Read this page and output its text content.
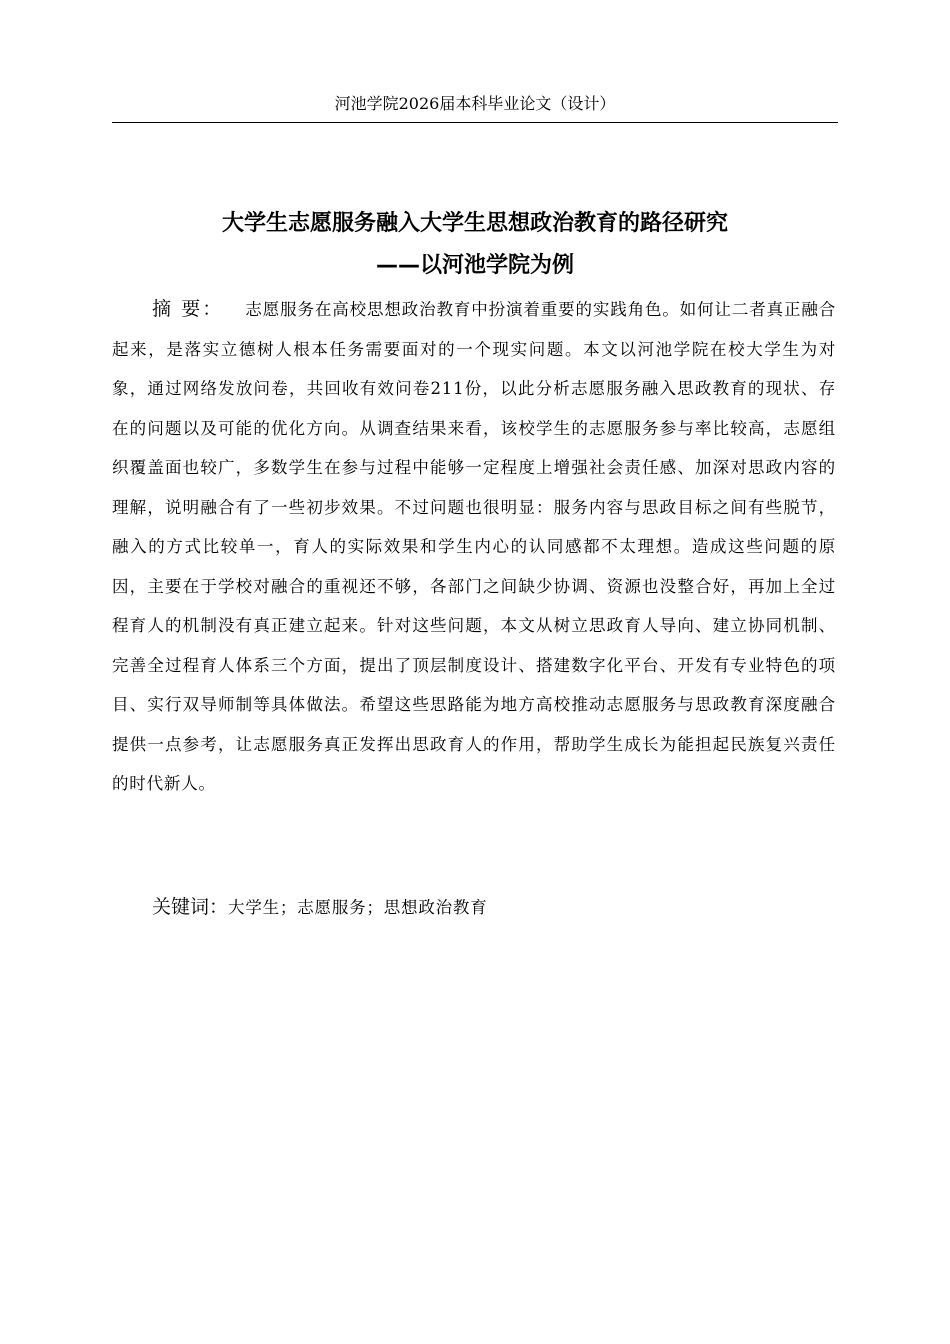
河池学院2026届本科毕业论文（设计）
大学生志愿服务融入大学生思想政治教育的路径研究
——以河池学院为例

摘 要： 志愿服务在高校思想政治教育中扮演着重要的实践角色。如何让二者真正融合起来，是落实立德树人根本任务需要面对的一个现实问题。本文以河池学院在校大学生为对象，通过网络发放问卷，共回收有效问卷211份，以此分析志愿服务融入思政教育的现状、存在的问题以及可能的优化方向。从调查结果来看，该校学生的志愿服务参与率比较高，志愿组织覆盖面也较广，多数学生在参与过程中能够一定程度上增强社会责任感、加深对思政内容的理解，说明融合有了一些初步效果。不过问题也很明显：服务内容与思政目标之间有些脱节，融入的方式比较单一，育人的实际效果和学生内心的认同感都不太理想。造成这些问题的原因，主要在于学校对融合的重视还不够，各部门之间缺少协调、资源也没整合好，再加上全过程育人的机制没有真正建立起来。针对这些问题，本文从树立思政育人导向、建立协同机制、完善全过程育人体系三个方面，提出了顶层制度设计、搭建数字化平台、开发有专业特色的项目、实行双导师制等具体做法。希望这些思路能为地方高校推动志愿服务与思政教育深度融合提供一点参考，让志愿服务真正发挥出思政育人的作用，帮助学生成长为能担起民族复兴责任的时代新人。

关键词：大学生；志愿服务；思想政治教育
